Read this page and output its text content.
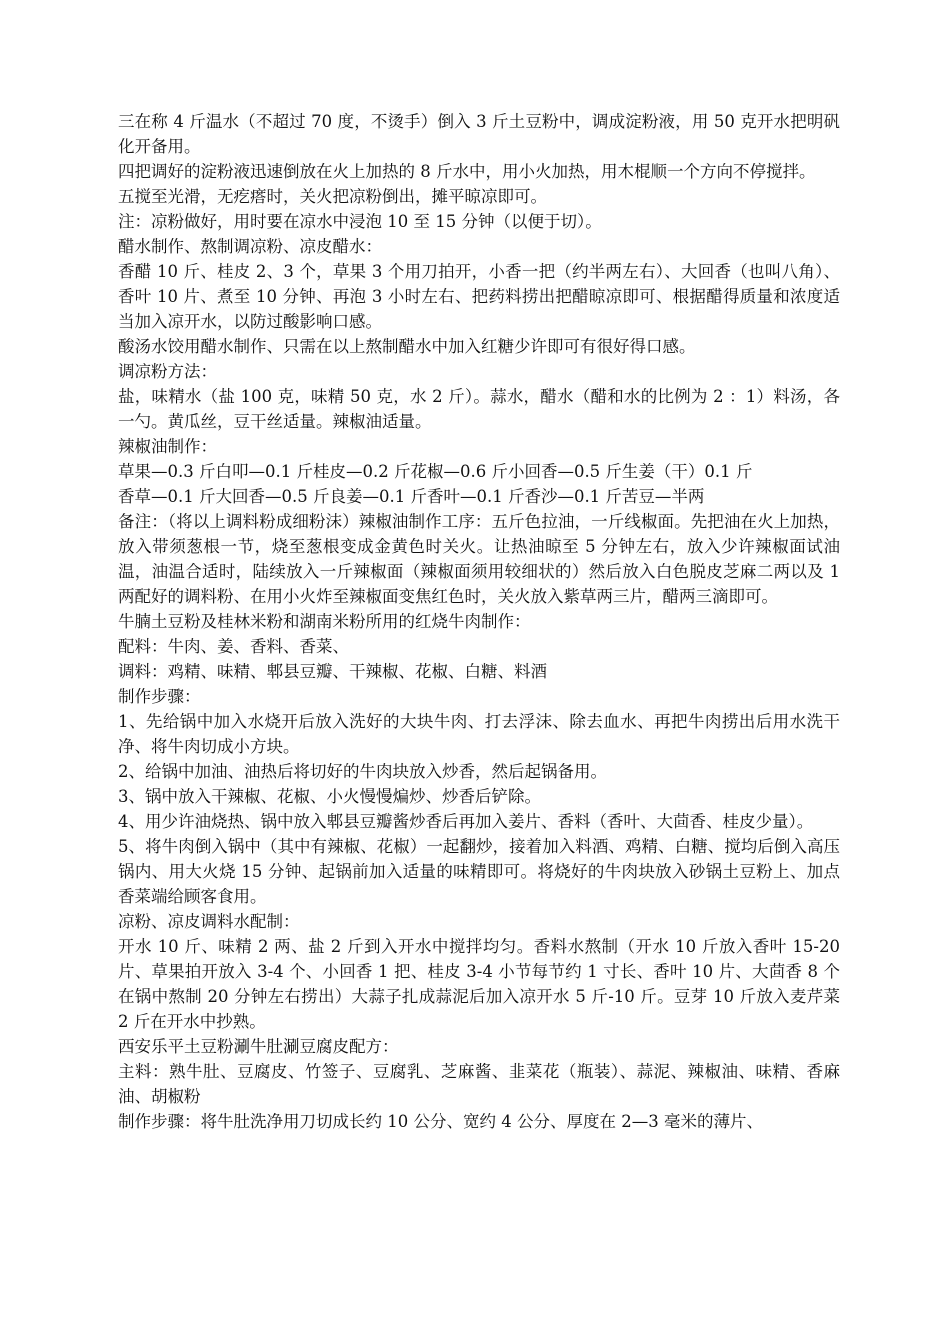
三在称 4 斤温水（不超过 70 度，不烫手）倒入 3 斤土豆粉中，调成淀粉液，用 50 克开水把明矾化开备用。

四把调好的淀粉液迅速倒放在火上加热的 8 斤水中，用小火加热，用木棍顺一个方向不停搅拌。

五搅至光滑，无疙瘩时，关火把凉粉倒出，摊平晾凉即可。

注：凉粉做好，用时要在凉水中浸泡 10 至 15 分钟（以便于切）。

醋水制作、熬制调凉粉、凉皮醋水：

香醋 10 斤、桂皮 2、3 个，草果 3 个用刀拍开，小香一把（约半两左右）、大回香（也叫八角）、香叶 10 片、煮至 10 分钟、再泡 3 小时左右、把药料捞出把醋晾凉即可、根据醋得质量和浓度适当加入凉开水，以防过酸影响口感。

酸汤水饺用醋水制作、只需在以上熬制醋水中加入红糖少许即可有很好得口感。

调凉粉方法：

盐，味精水（盐 100 克，味精 50 克，水 2 斤）。蒜水，醋水（醋和水的比例为 2 ：1）料汤，各一勺。黄瓜丝，豆干丝适量。辣椒油适量。

辣椒油制作：

草果—0.3 斤白叩—0.1 斤桂皮—0.2 斤花椒—0.6 斤小回香—0.5 斤生姜（干）0.1 斤

香草—0.1 斤大回香—0.5 斤良姜—0.1 斤香叶—0.1 斤香沙—0.1 斤苦豆—半两

备注：（将以上调料粉成细粉沫）辣椒油制作工序：五斤色拉油，一斤线椒面。先把油在火上加热，放入带须葱根一节，烧至葱根变成金黄色时关火。让热油晾至 5 分钟左右，放入少许辣椒面试油温，油温合适时，陆续放入一斤辣椒面（辣椒面须用较细状的）然后放入白色脱皮芝麻二两以及 1 两配好的调料粉、在用小火炸至辣椒面变焦红色时，关火放入紫草两三片，醋两三滴即可。

牛腩土豆粉及桂林米粉和湖南米粉所用的红烧牛肉制作：

配料：牛肉、姜、香料、香菜、

调料：鸡精、味精、郫县豆瓣、干辣椒、花椒、白糖、料酒

制作步骤：

1、先给锅中加入水烧开后放入洗好的大块牛肉、打去浮沫、除去血水、再把牛肉捞出后用水洗干净、将牛肉切成小方块。

2、给锅中加油、油热后将切好的牛肉块放入炒香，然后起锅备用。

3、锅中放入干辣椒、花椒、小火慢慢煸炒、炒香后铲除。

4、用少许油烧热、锅中放入郫县豆瓣酱炒香后再加入姜片、香料（香叶、大茴香、桂皮少量）。

5、将牛肉倒入锅中（其中有辣椒、花椒）一起翻炒，接着加入料酒、鸡精、白糖、搅均后倒入高压锅内、用大火烧 15 分钟、起锅前加入适量的味精即可。将烧好的牛肉块放入砂锅土豆粉上、加点香菜端给顾客食用。

凉粉、凉皮调料水配制：

开水 10 斤、味精 2 两、盐 2 斤到入开水中搅拌均匀。香料水熬制（开水 10 斤放入香叶 15-20 片、草果拍开放入 3-4 个、小回香 1 把、桂皮 3-4 小节每节约 1 寸长、香叶 10 片、大茴香 8 个在锅中熬制 20 分钟左右捞出）大蒜子扎成蒜泥后加入凉开水 5 斤-10 斤。豆芽 10 斤放入麦芹菜 2 斤在开水中抄熟。

西安乐平土豆粉涮牛肚涮豆腐皮配方：

主料：熟牛肚、豆腐皮、竹签子、豆腐乳、芝麻酱、韭菜花（瓶装）、蒜泥、辣椒油、味精、香麻油、胡椒粉

制作步骤：将牛肚洗净用刀切成长约 10 公分、宽约 4 公分、厚度在 2—3 毫米的薄片、
